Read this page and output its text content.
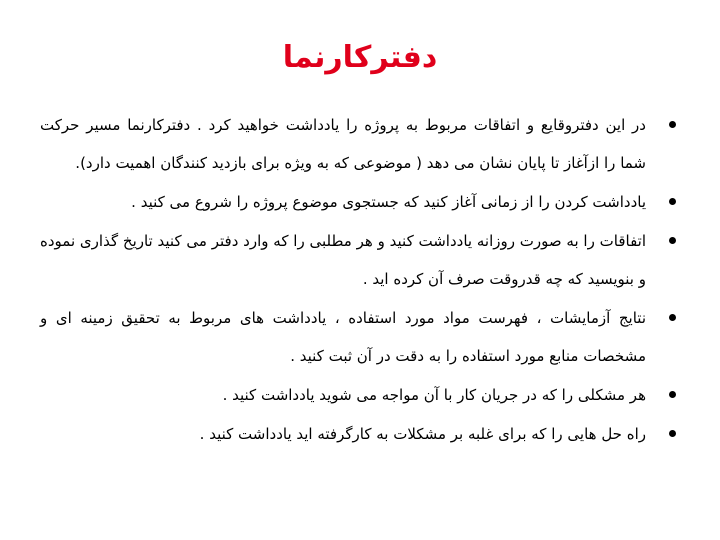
دفترکارنما
در این دفتروقایع و اتفاقات مربوط به پروژه را یادداشت خواهید کرد . دفترکارنما مسیر حرکت شما را ازآغاز تا پایان نشان می دهد ( موضوعی که به ویژه برای بازدید کنندگان اهمیت دارد).
یادداشت کردن را از زمانی آغاز کنید که جستجوی موضوع پروژه را شروع می کنید .
اتفاقات را به صورت روزانه یادداشت کنید و هر مطلبی را که وارد دفتر می کنید تاریخ گذاری نموده و بنویسید که چه قدروقت صرف آن کرده اید .
نتایج آزمایشات ، فهرست مواد مورد استفاده ، یادداشت های مربوط به تحقیق زمینه ای و مشخصات منابع مورد استفاده را به دقت در آن ثبت کنید .
هر مشکلی را که در جریان کار با آن مواجه می شوید یادداشت کنید .
راه حل هایی را که برای غلبه بر مشکلات به کارگرفته اید یادداشت کنید .
